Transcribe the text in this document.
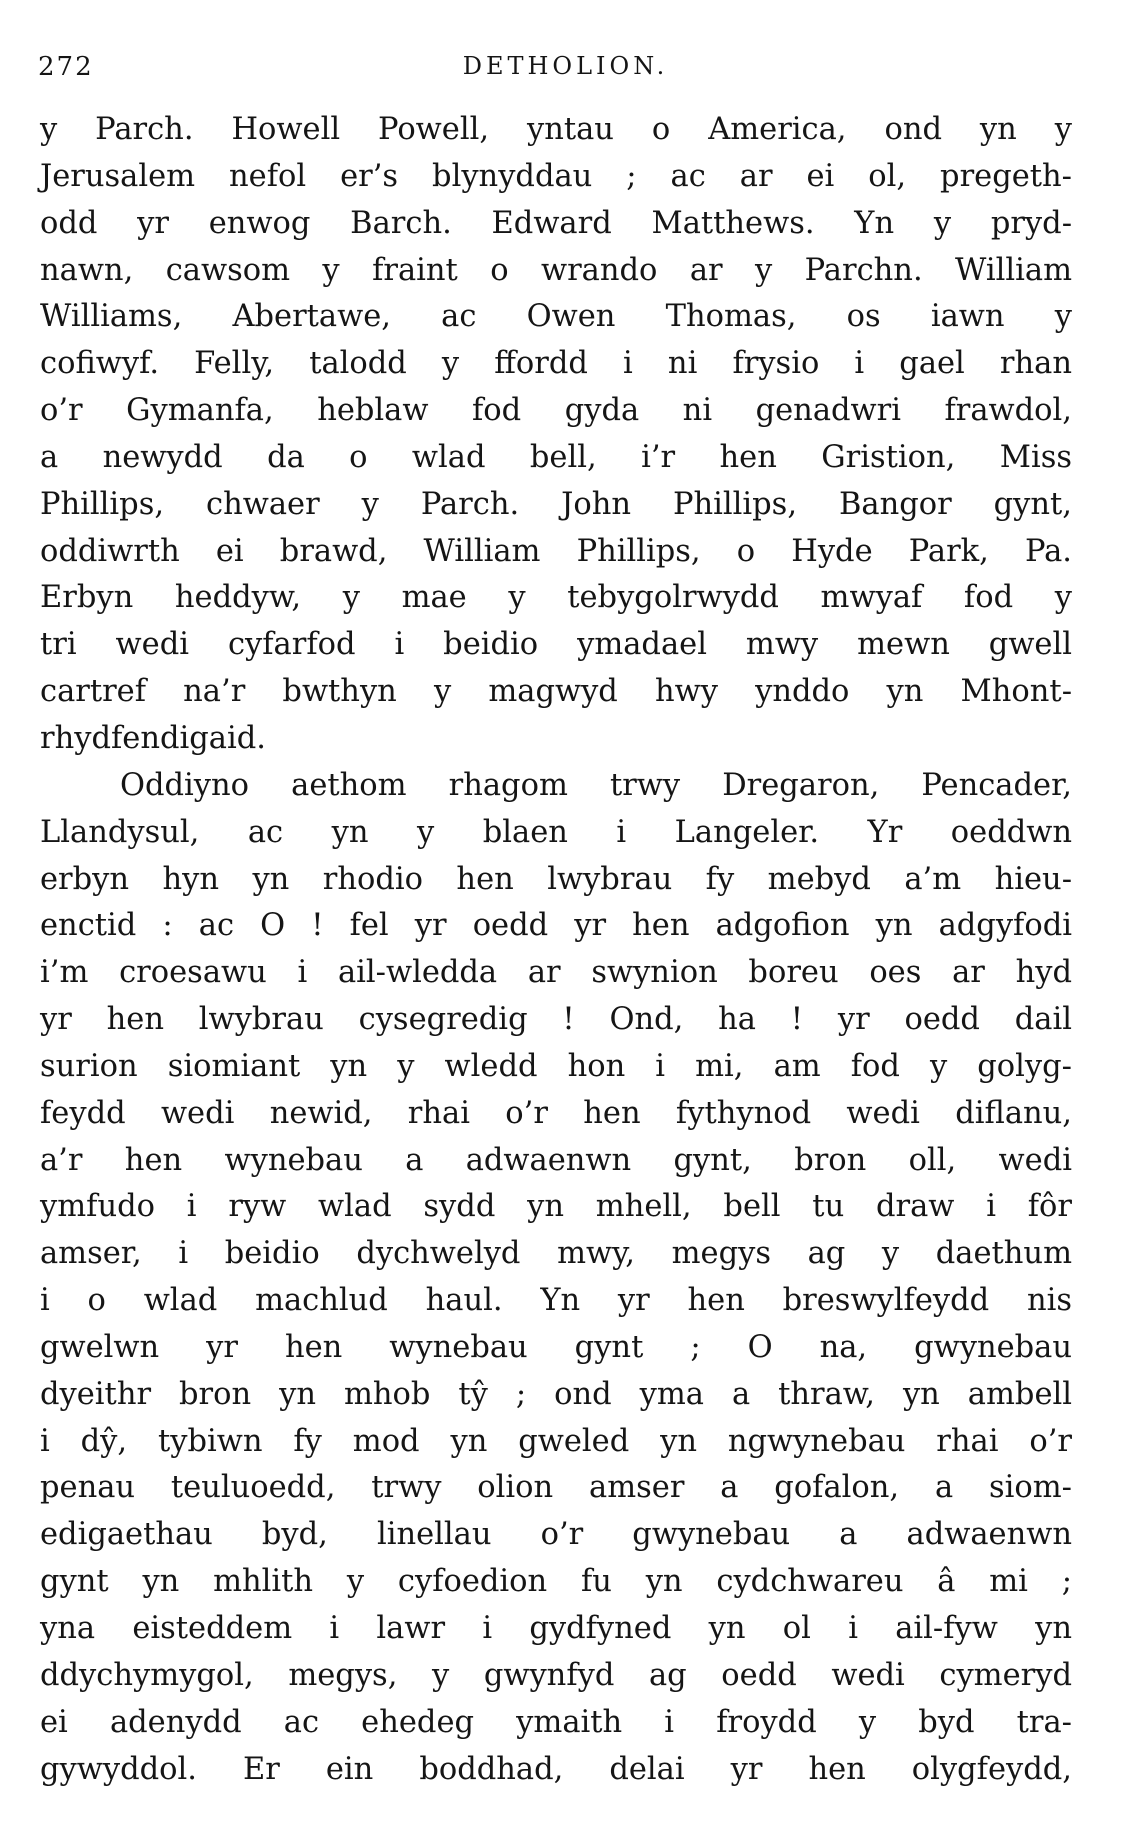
272	DETHOLION.
y Parch. Howell Powell, yntau o America, ond yn y
Jerusalem nefol er’s blynyddau ; ac ar ei ol, pregeth-
odd yr enwog Barch. Edward Matthews. Yn y pryd-
nawn, cawsom y fraint o wrando ar y Parchn. William
Williams, Abertawe, ac Owen Thomas, os iawn y
cofiwyf. Felly, talodd y ffordd i ni frysio i gael rhan
o’r Gymanfa, heblaw fod gyda ni genadwri frawdol,
a newydd da o wlad bell, i’r hen Gristion, Miss
Phillips, chwaer y Parch. John Phillips, Bangor gynt,
oddiwrth ei brawd, William Phillips, o Hyde Park, Pa.
Erbyn heddyw, y mae y tebygolrwydd mwyaf fod y
tri wedi cyfarfod i beidio ymadael mwy mewn gwell
cartref na’r bwthyn y magwyd hwy ynddo yn Mhont-
rhydfendigaid.
Oddiyno aethom rhagom trwy Dregaron, Pencader,
Llandysul, ac yn y blaen i Langeler. Yr oeddwn
erbyn hyn yn rhodio hen lwybrau fy mebyd a’m hieu-
enctid : ac O ! fel yr oedd yr hen adgofion yn adgyfodi
i’m croesawu i ail-wledda ar swynion boreu oes ar hyd
yr hen lwybrau cysegredig ! Ond, ha ! yr oedd dail
surion siomiant yn y wledd hon i mi, am fod y golyg-
feydd wedi newid, rhai o’r hen fythynod wedi diflanu,
a’r hen wynebau a adwaenwn gynt, bron oll, wedi
ymfudo i ryw wlad sydd yn mhell, bell tu draw i fôr
amser, i beidio dychwelyd mwy, megys ag y daethum
i o wlad machlud haul. Yn yr hen breswylfeydd nis
gwelwn yr hen wynebau gynt ; O na, gwynebau
dyeithr bron yn mhob tŷ ; ond yma a thraw, yn ambell
i dŷ, tybiwn fy mod yn gweled yn ngwynebau rhai o’r
penau teuluoedd, trwy olion amser a gofalon, a siom-
edigaethau byd, linellau o’r gwynebau a adwaenwn
gynt yn mhlith y cyfoedion fu yn cydchwareu â mi ;
yna eisteddem i lawr i gydfyned yn ol i ail-fyw yn
ddychymygol, megys, y gwynfyd ag oedd wedi cymeryd
ei adenydd ac ehedeg ymaith i froydd y byd tra-
gywyddol. Er ein boddhad, delai yr hen olygfeydd,
